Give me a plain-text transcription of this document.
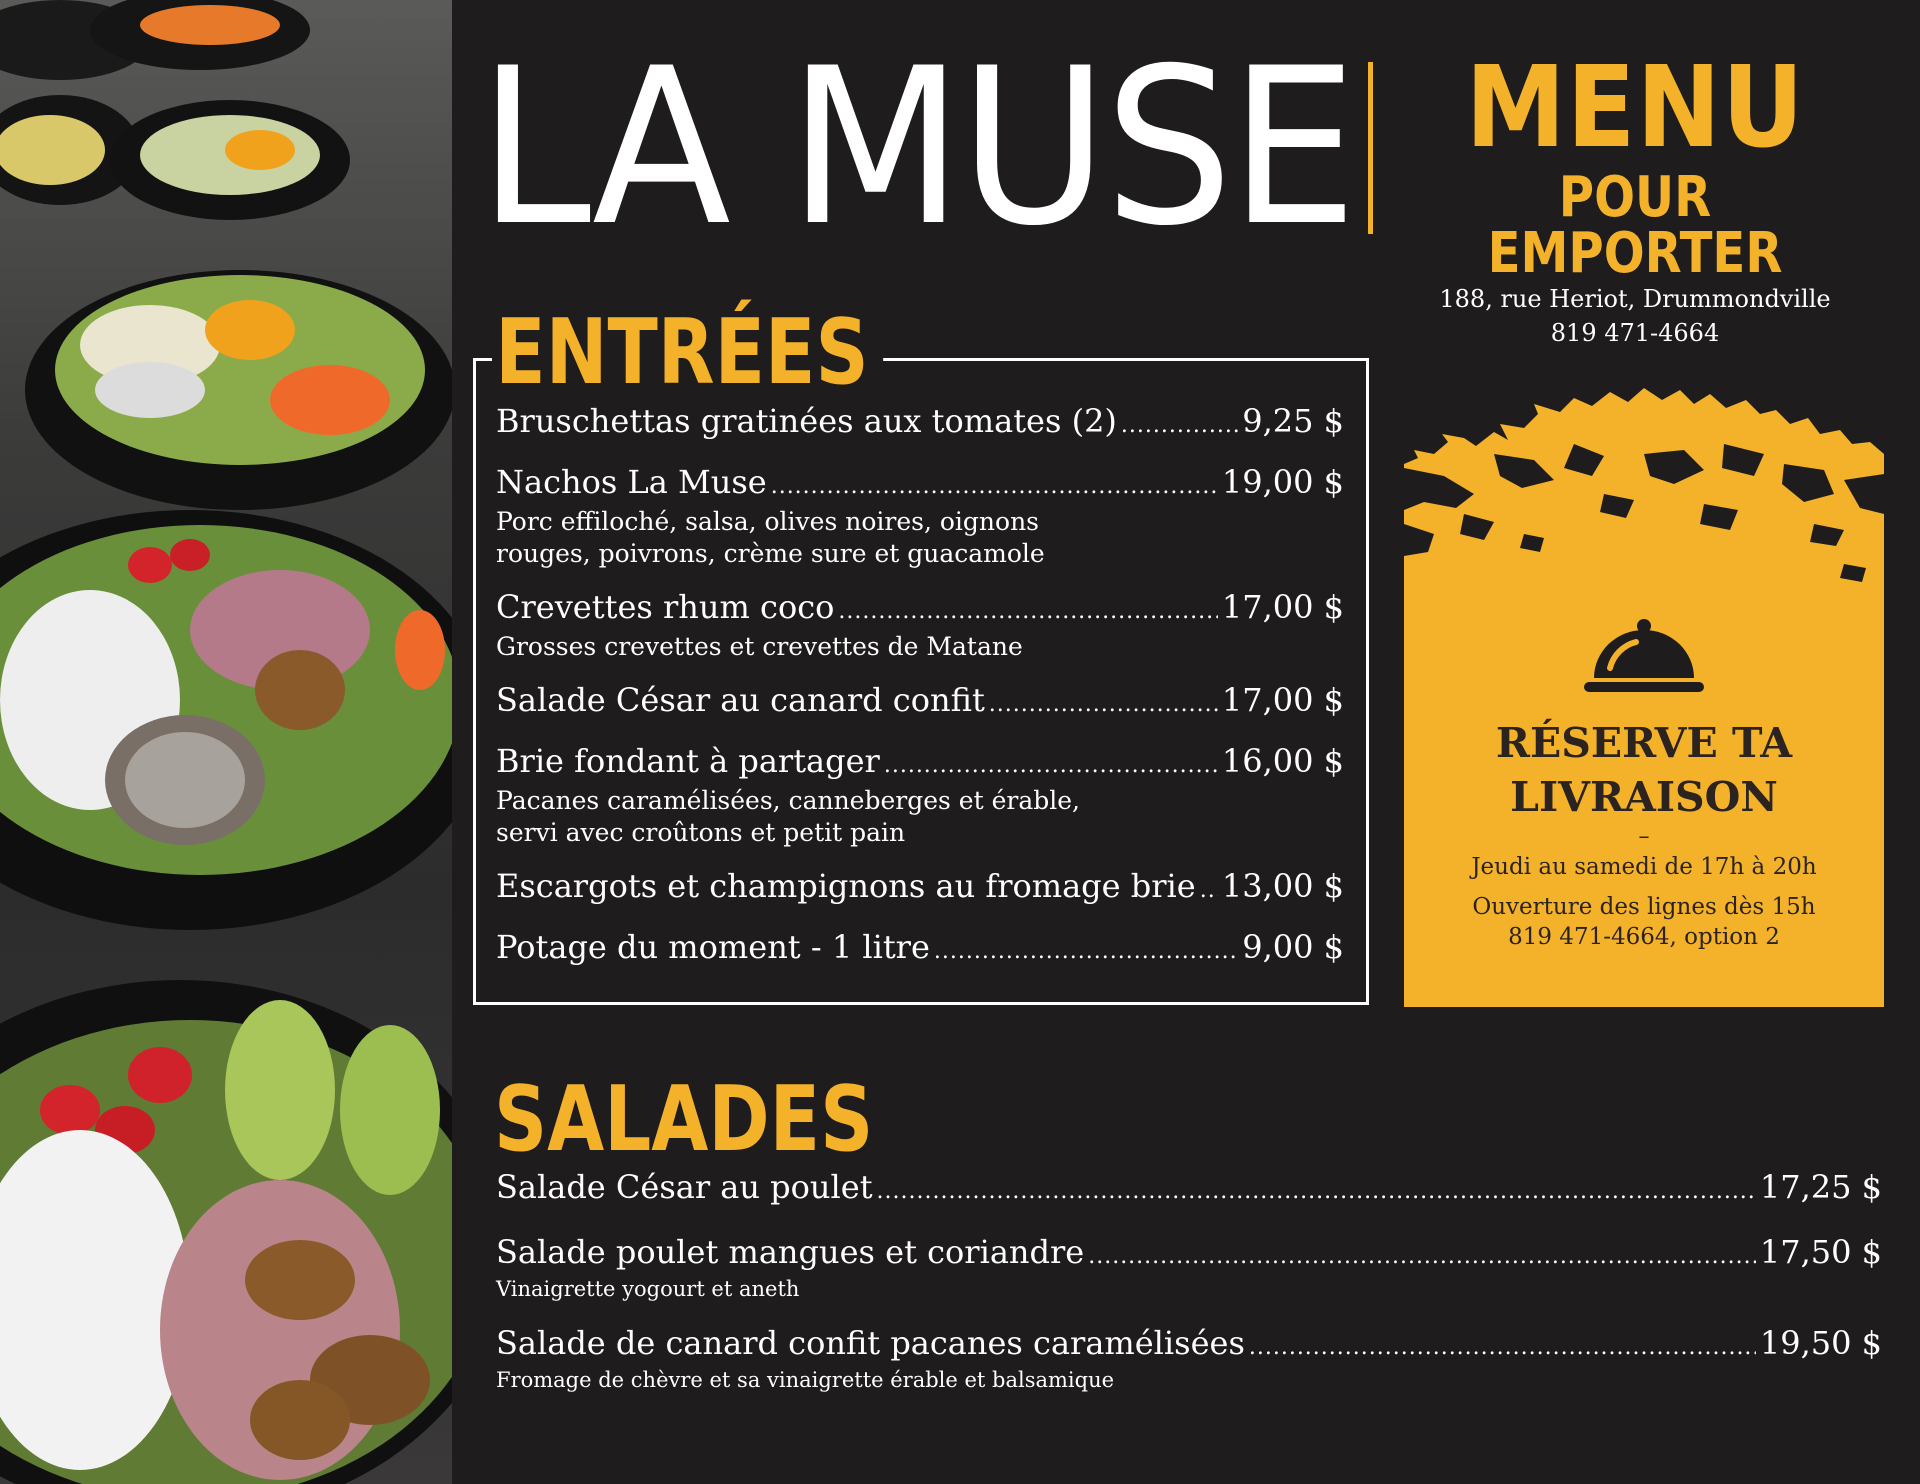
LA MUSE MENU
POUR EMPORTER
188, rue Heriot, Drummondville
819 471-4664
ENTRÉES
Bruschettas gratinées aux tomates (2) .....	9,25 $
Nachos La Muse .....	19,00 $
Porc effiloché, salsa, olives noires, oignons
rouges, poivrons, crème sure et guacamole
Crevettes rhum coco .....	17,00 $
Grosses crevettes et crevettes de Matane
Salade César au canard confit .....	17,00 $
Brie fondant à partager .....	16,00 $
Pacanes caramélisées, canneberges et érable,
servi avec croûtons et petit pain
Escargots et champignons au fromage brie ..... 13,00 $
Potage du moment - 1 litre .....	9,00 $
RÉSERVE TA
LIVRAISON
–
Jeudi au samedi de 17h à 20h
Ouverture des lignes dès 15h
819 471-4664, option 2
SALADES
Salade César au poulet .....	17,25 $
Salade poulet mangues et coriandre .....	17,50 $
Vinaigrette yogourt et aneth
Salade de canard confit pacanes caramélisées .....	19,50 $
Fromage de chèvre et sa vinaigrette érable et balsamique
